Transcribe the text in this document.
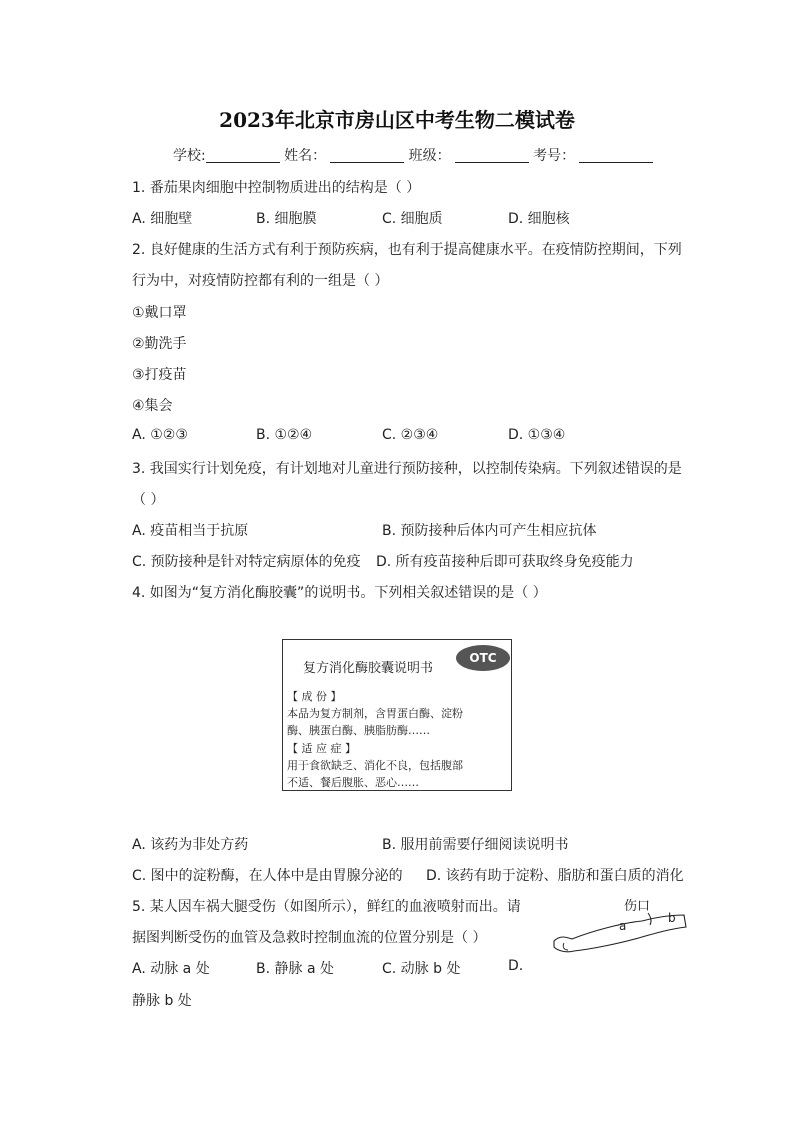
2023年北京市房山区中考生物二模试卷
学校:	姓名：	班级：	考号：
1. 番茄果肉细胞中控制物质进出的结构是（ ）
A. 细胞壁	B. 细胞膜	C. 细胞质	D. 细胞核
2. 良好健康的生活方式有利于预防疾病，也有利于提高健康水平。在疫情防控期间，下列
行为中，对疫情防控都有利的一组是（ ）
①戴口罩
②勤洗手
③打疫苗
④集会
A. ①②③	B. ①②④	C. ②③④	D. ①③④
3. 我国实行计划免疫，有计划地对儿童进行预防接种，以控制传染病。下列叙述错误的是
（ ）
A. 疫苗相当于抗原	B. 预防接种后体内可产生相应抗体
C. 预防接种是针对特定病原体的免疫 D. 所有疫苗接种后即可获取终身免疫能力
4. 如图为“复方消化酶胶囊”的说明书。下列相关叙述错误的是（ ）
复方消化酶胶囊说明书
OTC
【 成 份 】
本品为复方制剂，含胃蛋白酶、淀粉
酶、胰蛋白酶、胰脂肪酶……
【 适 应 症 】
用于食欲缺乏、消化不良，包括腹部
不适、餐后腹胀、恶心……
A. 该药为非处方药	B. 服用前需要仔细阅读说明书
C. 图中的淀粉酶，在人体中是由胃腺分泌的 D. 该药有助于淀粉、脂肪和蛋白质的消化
5. 某人因车祸大腿受伤（如图所示），鲜红的血液喷射而出。请
据图判断受伤的血管及急救时控制血流的位置分别是（ ）
伤口
a
b
A. 动脉 a 处	B. 静脉 a 处	C. 动脉 b 处	D.
静脉 b 处
